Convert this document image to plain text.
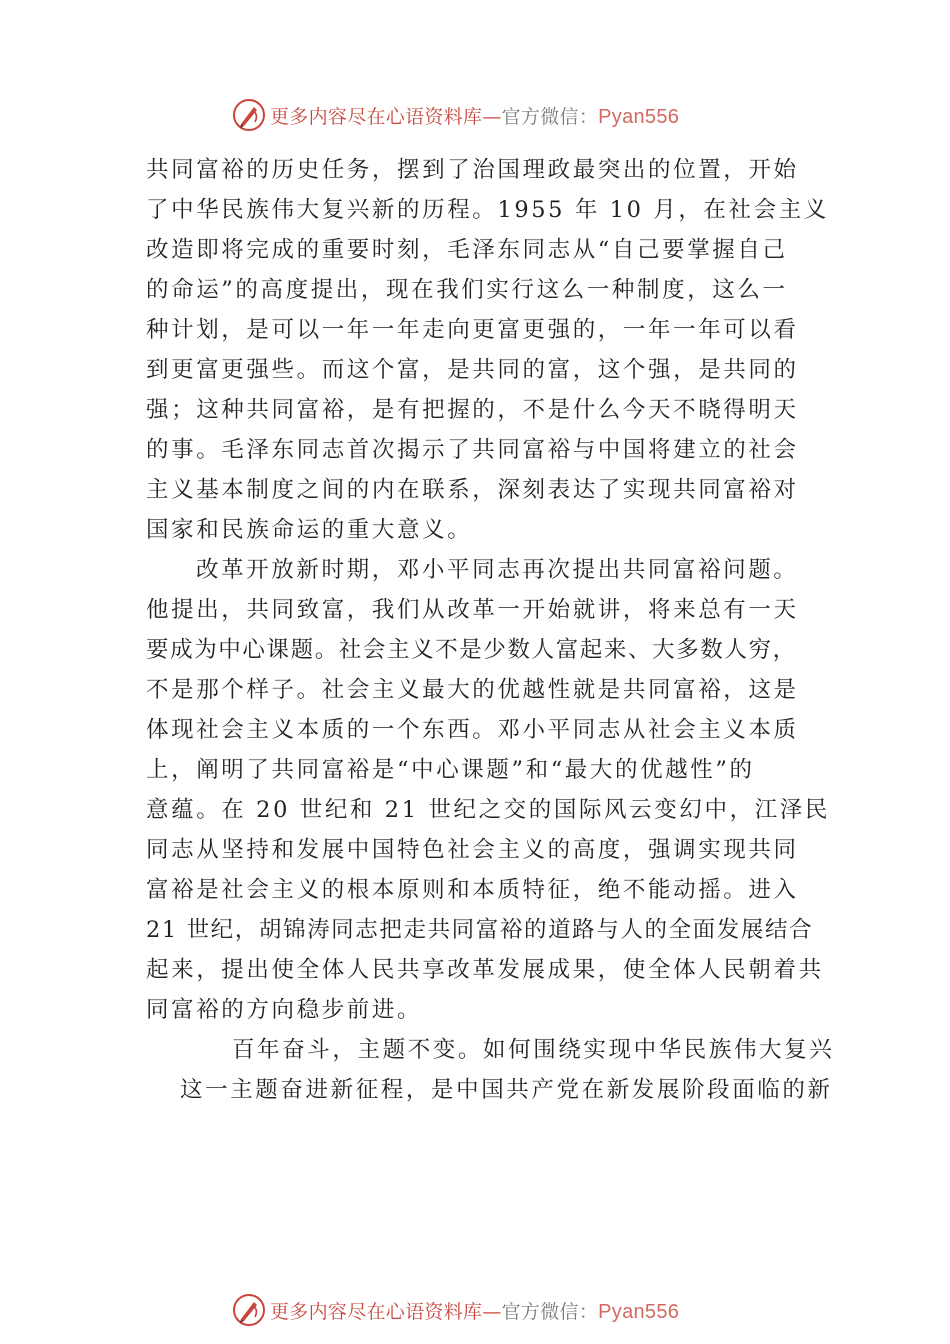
更多内容尽在心语资料库—官方微信：Pyan556
共同富裕的历史任务，摆到了治国理政最突出的位置，开始
了中华民族伟大复兴新的历程。1955 年 10 月，在社会主义
改造即将完成的重要时刻，毛泽东同志从“自己要掌握自己
的命运”的高度提出，现在我们实行这么一种制度，这么一
种计划，是可以一年一年走向更富更强的，一年一年可以看
到更富更强些。而这个富，是共同的富，这个强，是共同的
强；这种共同富裕，是有把握的，不是什么今天不晓得明天
的事。毛泽东同志首次揭示了共同富裕与中国将建立的社会
主义基本制度之间的内在联系，深刻表达了实现共同富裕对
国家和民族命运的重大意义。
改革开放新时期，邓小平同志再次提出共同富裕问题。
他提出，共同致富，我们从改革一开始就讲，将来总有一天
要成为中心课题。社会主义不是少数人富起来、大多数人穷，
不是那个样子。社会主义最大的优越性就是共同富裕，这是
体现社会主义本质的一个东西。邓小平同志从社会主义本质
上，阐明了共同富裕是“中心课题”和“最大的优越性”的
意蕴。在 20 世纪和 21 世纪之交的国际风云变幻中，江泽民
同志从坚持和发展中国特色社会主义的高度，强调实现共同
富裕是社会主义的根本原则和本质特征，绝不能动摇。进入
21 世纪，胡锦涛同志把走共同富裕的道路与人的全面发展结合
起来，提出使全体人民共享改革发展成果，使全体人民朝着共
同富裕的方向稳步前进。
百年奋斗，主题不变。如何围绕实现中华民族伟大复兴
这一主题奋进新征程，是中国共产党在新发展阶段面临的新
更多内容尽在心语资料库—官方微信：Pyan556
